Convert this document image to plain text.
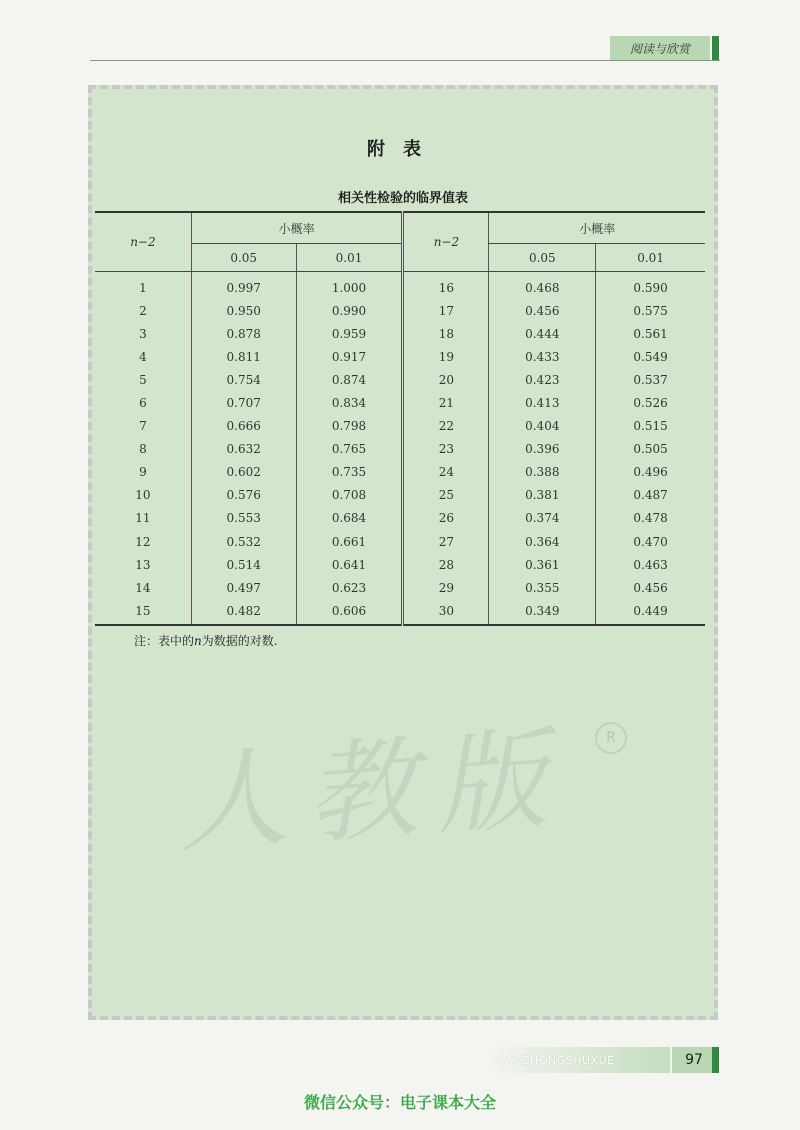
阅读与欣赏
人教版	R
附表
相关性检验的临界值表
n−2	小概率		n−2	小概率	
	0.05	0.01		0.05	0.01
1	0.997	1.000	16	0.468	0.590
2	0.950	0.990	17	0.456	0.575
3	0.878	0.959	18	0.444	0.561
4	0.811	0.917	19	0.433	0.549
5	0.754	0.874	20	0.423	0.537
6	0.707	0.834	21	0.413	0.526
7	0.666	0.798	22	0.404	0.515
8	0.632	0.765	23	0.396	0.505
9	0.602	0.735	24	0.388	0.496
10	0.576	0.708	25	0.381	0.487
11	0.553	0.684	26	0.374	0.478
12	0.532	0.661	27	0.364	0.470
13	0.514	0.641	28	0.361	0.463
14	0.497	0.623	29	0.355	0.456
15	0.482	0.606	30	0.349	0.449
注：表中的n为数据的对数.
GAOZHONGSHUXUE	97
微信公众号：电子课本大全
